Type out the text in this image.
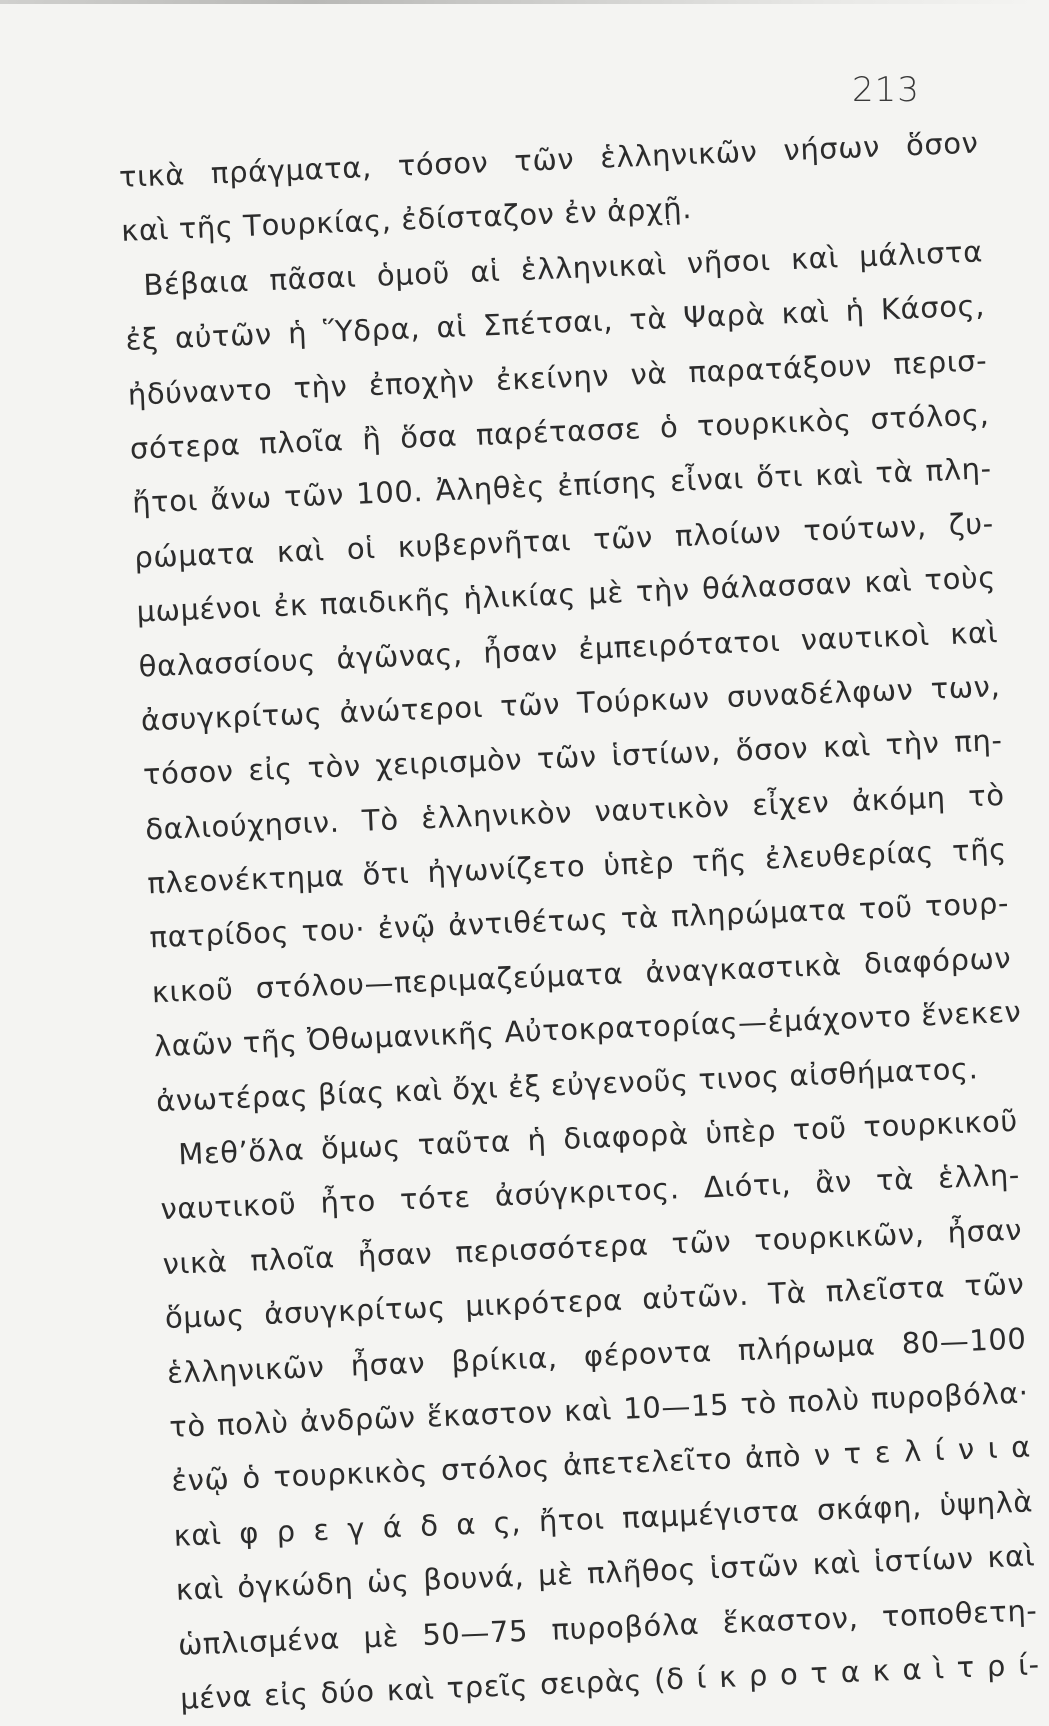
213
τικὰ πράγματα, τόσον τῶν ἑλληνικῶν νήσων ὅσον
καὶ τῆς Τουρκίας, ἐδίσταζον ἐν ἀρχῇ.
Βέβαια πᾶσαι ὁμοῦ αἱ ἑλληνικαὶ νῆσοι καὶ μάλιστα
ἐξ αὐτῶν ἡ Ὕδρα, αἱ Σπέτσαι, τὰ Ψαρὰ καὶ ἡ Κάσος,
ἠδύναντο τὴν ἐποχὴν ἐκείνην νὰ παρατάξουν περισ-
σότερα πλοῖα ἢ ὅσα παρέτασσε ὁ τουρκικὸς στόλος,
ἤτοι ἄνω τῶν 100. Ἀληθὲς ἐπίσης εἶναι ὅτι καὶ τὰ πλη-
ρώματα καὶ οἱ κυβερνῆται τῶν πλοίων τούτων, ζυ-
μωμένοι ἐκ παιδικῆς ἡλικίας μὲ τὴν θάλασσαν καὶ τοὺς
θαλασσίους ἀγῶνας, ἦσαν ἐμπειρότατοι ναυτικοὶ καὶ
ἀσυγκρίτως ἀνώτεροι τῶν Τούρκων συναδέλφων των,
τόσον εἰς τὸν χειρισμὸν τῶν ἱστίων, ὅσον καὶ τὴν πη-
δαλιούχησιν. Τὸ ἑλληνικὸν ναυτικὸν εἶχεν ἀκόμη τὸ
πλεονέκτημα ὅτι ἠγωνίζετο ὑπὲρ τῆς ἐλευθερίας τῆς
πατρίδος του· ἐνῷ ἀντιθέτως τὰ πληρώματα τοῦ τουρ-
κικοῦ στόλου—περιμαζεύματα ἀναγκαστικὰ διαφόρων
λαῶν τῆς Ὀθωμανικῆς Αὐτοκρατορίας—ἐμάχοντο ἕνεκεν
ἀνωτέρας βίας καὶ ὄχι ἐξ εὐγενοῦς τινος αἰσθήματος.
Μεθ’ὅλα ὅμως ταῦτα ἡ διαφορὰ ὑπὲρ τοῦ τουρκικοῦ
ναυτικοῦ ἦτο τότε ἀσύγκριτος. Διότι, ἂν τὰ ἑλλη-
νικὰ πλοῖα ἦσαν περισσότερα τῶν τουρκικῶν, ἦσαν
ὅμως ἀσυγκρίτως μικρότερα αὐτῶν. Τὰ πλεῖστα τῶν
ἑλληνικῶν ἦσαν βρίκια, φέροντα πλήρωμα 80—100
τὸ πολὺ ἀνδρῶν ἕκαστον καὶ 10—15 τὸ πολὺ πυροβόλα·
ἐνῷ ὁ τουρκικὸς στόλος ἀπετελεῖτο ἀπὸ ν τ ε λ ί ν ι α
καὶ φ ρ ε γ ά δ α ς, ἤτοι παμμέγιστα σκάφη, ὑψηλὰ
καὶ ὀγκώδη ὡς βουνά, μὲ πλῆθος ἱστῶν καὶ ἱστίων καὶ
ὡπλισμένα μὲ 50—75 πυροβόλα ἕκαστον, τοποθετη-
μένα εἰς δύο καὶ τρεῖς σειρὰς (δ ί κ ρ ο τ α κ α ὶ τ ρ ί-
